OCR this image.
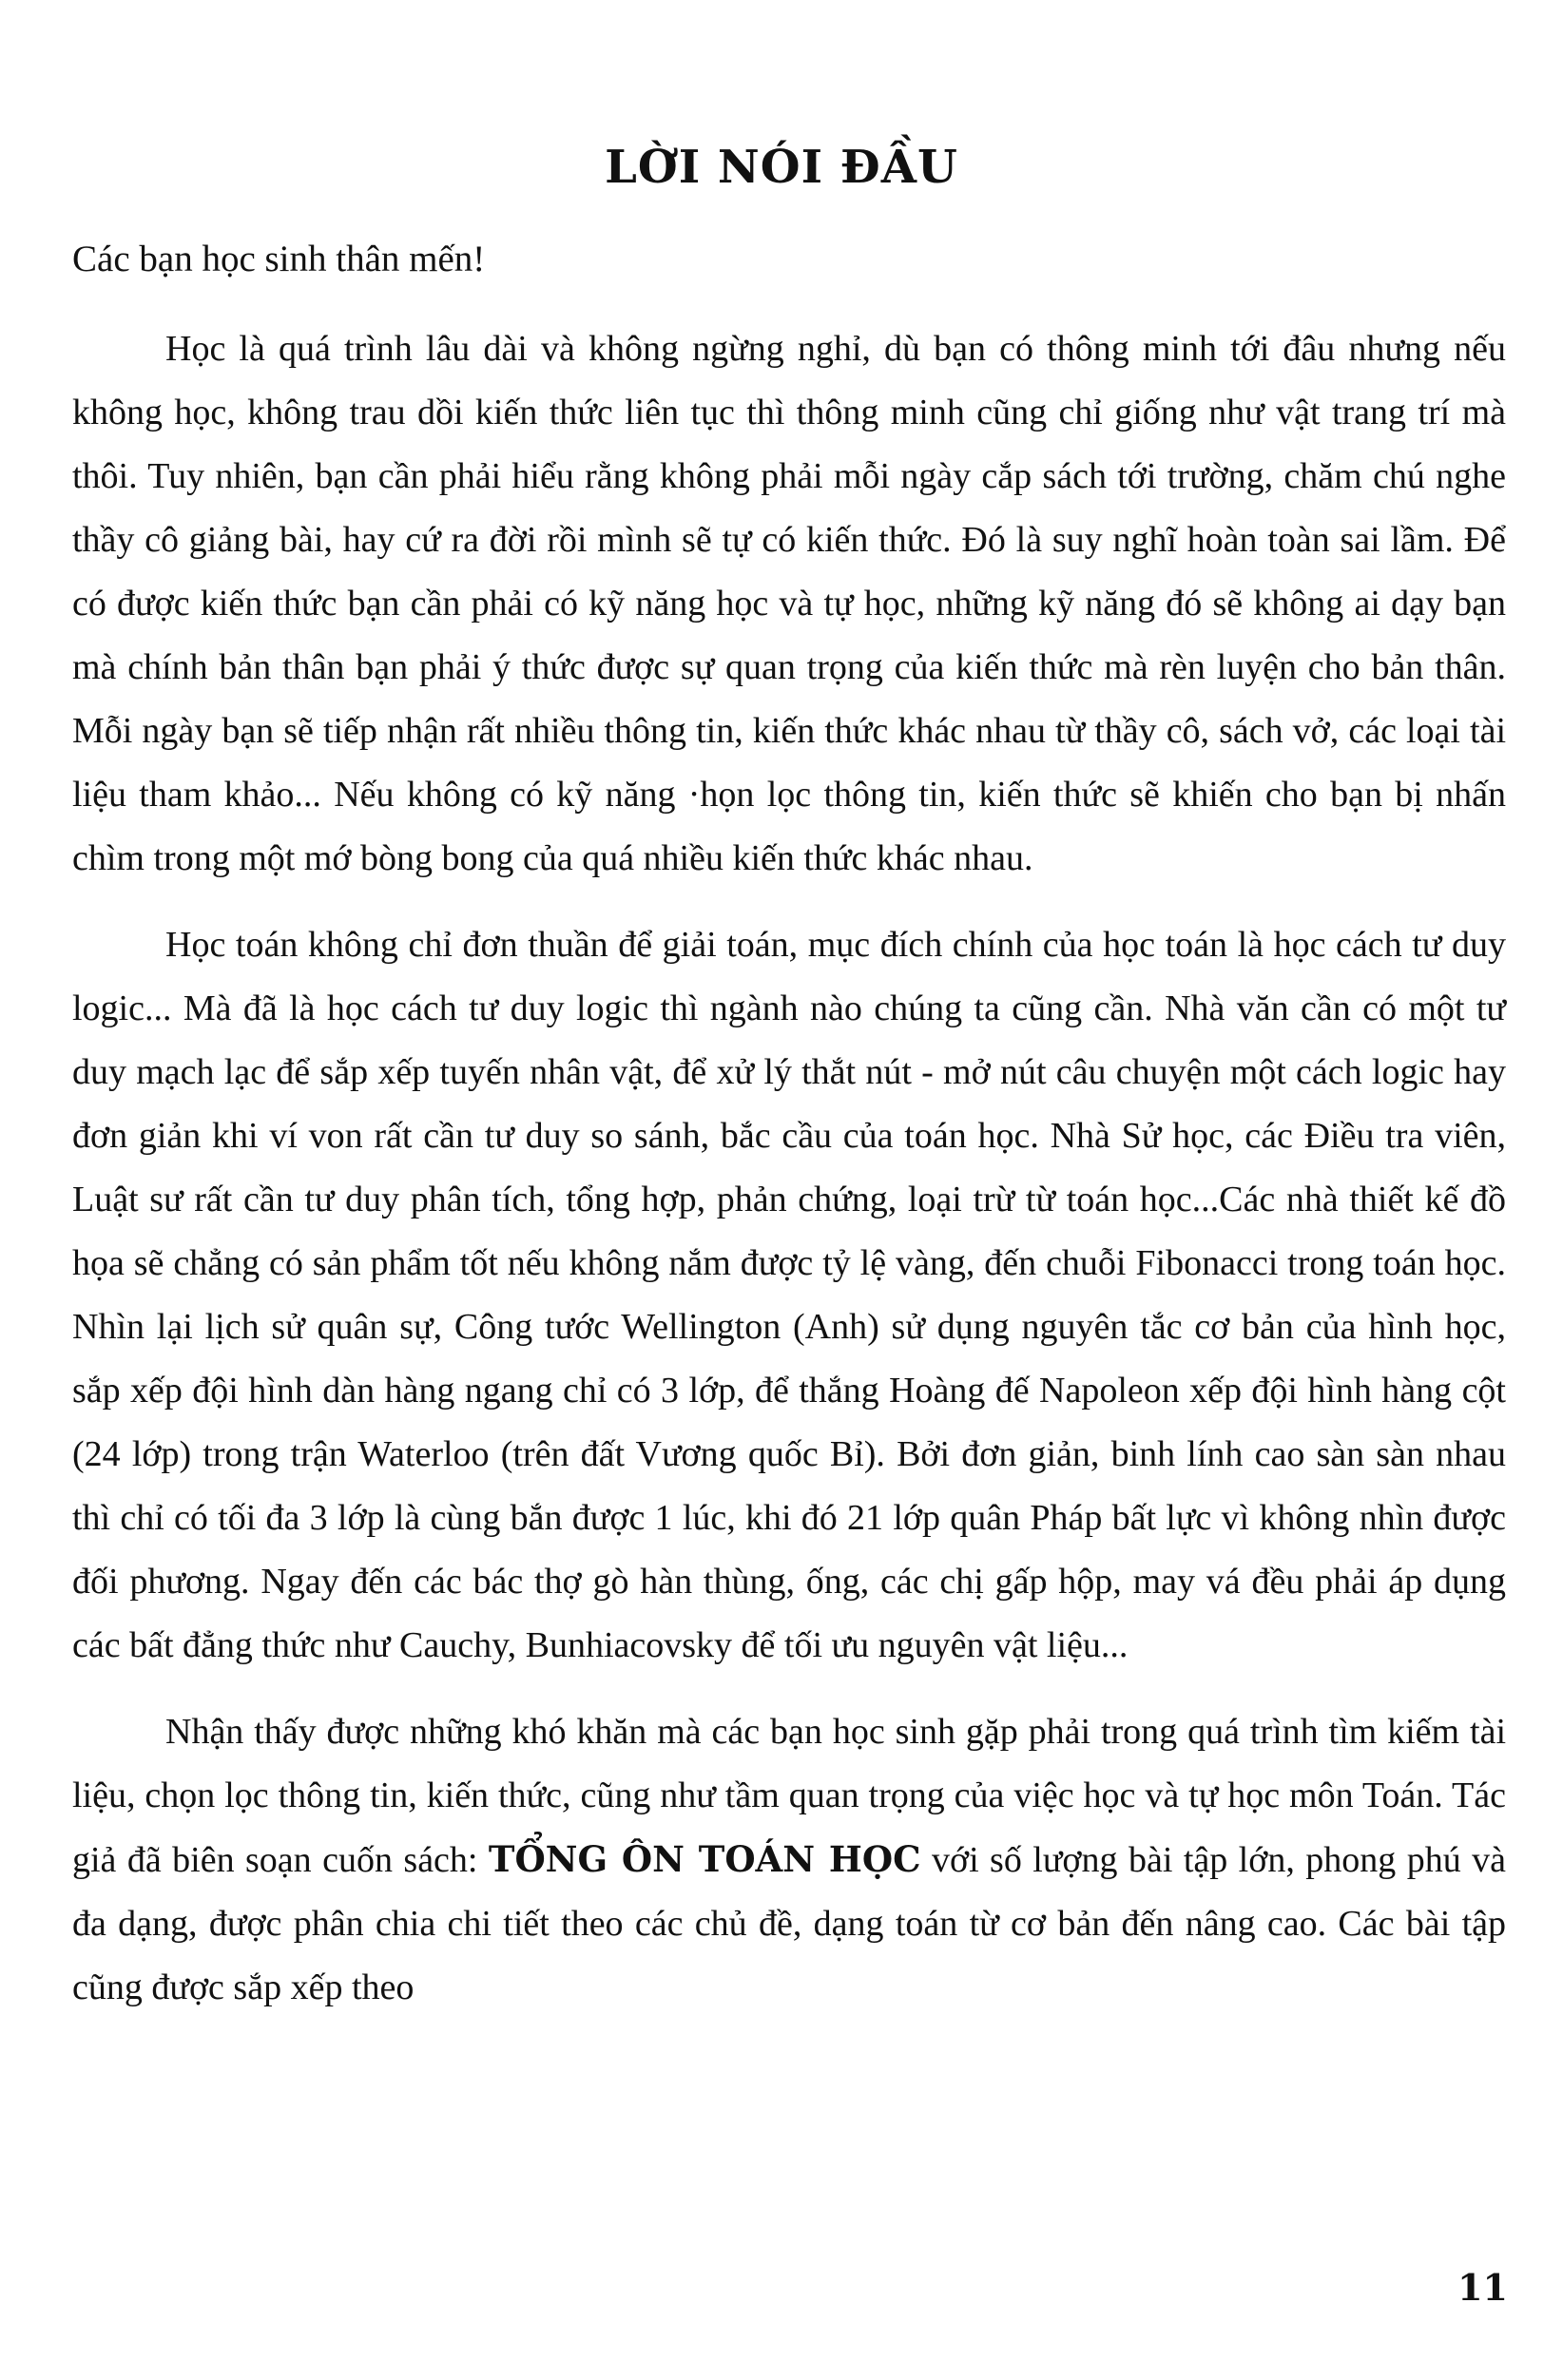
LỜI NÓI ĐẦU
Các bạn học sinh thân mến!

Học là quá trình lâu dài và không ngừng nghỉ, dù bạn có thông minh tới đâu nhưng nếu không học, không trau dồi kiến thức liên tục thì thông minh cũng chỉ giống như vật trang trí mà thôi. Tuy nhiên, bạn cần phải hiểu rằng không phải mỗi ngày cắp sách tới trường, chăm chú nghe thầy cô giảng bài, hay cứ ra đời rồi mình sẽ tự có kiến thức. Đó là suy nghĩ hoàn toàn sai lầm. Để có được kiến thức bạn cần phải có kỹ năng học và tự học, những kỹ năng đó sẽ không ai dạy bạn mà chính bản thân bạn phải ý thức được sự quan trọng của kiến thức mà rèn luyện cho bản thân. Mỗi ngày bạn sẽ tiếp nhận rất nhiều thông tin, kiến thức khác nhau từ thầy cô, sách vở, các loại tài liệu tham khảo... Nếu không có kỹ năng ·họn lọc thông tin, kiến thức sẽ khiến cho bạn bị nhấn chìm trong một mớ bòng bong của quá nhiều kiến thức khác nhau.

Học toán không chỉ đơn thuần để giải toán, mục đích chính của học toán là học cách tư duy logic... Mà đã là học cách tư duy logic thì ngành nào chúng ta cũng cần. Nhà văn cần có một tư duy mạch lạc để sắp xếp tuyến nhân vật, để xử lý thắt nút - mở nút câu chuyện một cách logic hay đơn giản khi ví von rất cần tư duy so sánh, bắc cầu của toán học. Nhà Sử học, các Điều tra viên, Luật sư rất cần tư duy phân tích, tổng hợp, phản chứng, loại trừ từ toán học...Các nhà thiết kế đồ họa sẽ chẳng có sản phẩm tốt nếu không nắm được tỷ lệ vàng, đến chuỗi Fibonacci trong toán học. Nhìn lại lịch sử quân sự, Công tước Wellington (Anh) sử dụng nguyên tắc cơ bản của hình học, sắp xếp đội hình dàn hàng ngang chỉ có 3 lớp, để thắng Hoàng đế Napoleon xếp đội hình hàng cột (24 lớp) trong trận Waterloo (trên đất Vương quốc Bỉ). Bởi đơn giản, binh lính cao sàn sàn nhau thì chỉ có tối đa 3 lớp là cùng bắn được 1 lúc, khi đó 21 lớp quân Pháp bất lực vì không nhìn được đối phương. Ngay đến các bác thợ gò hàn thùng, ống, các chị gấp hộp, may vá đều phải áp dụng các bất đẳng thức như Cauchy, Bunhiacovsky để tối ưu nguyên vật liệu...

Nhận thấy được những khó khăn mà các bạn học sinh gặp phải trong quá trình tìm kiếm tài liệu, chọn lọc thông tin, kiến thức, cũng như tầm quan trọng của việc học và tự học môn Toán. Tác giả đã biên soạn cuốn sách: TỔNG ÔN TOÁN HỌC với số lượng bài tập lớn, phong phú và đa dạng, được phân chia chi tiết theo các chủ đề, dạng toán từ cơ bản đến nâng cao. Các bài tập cũng được sắp xếp theo

11
